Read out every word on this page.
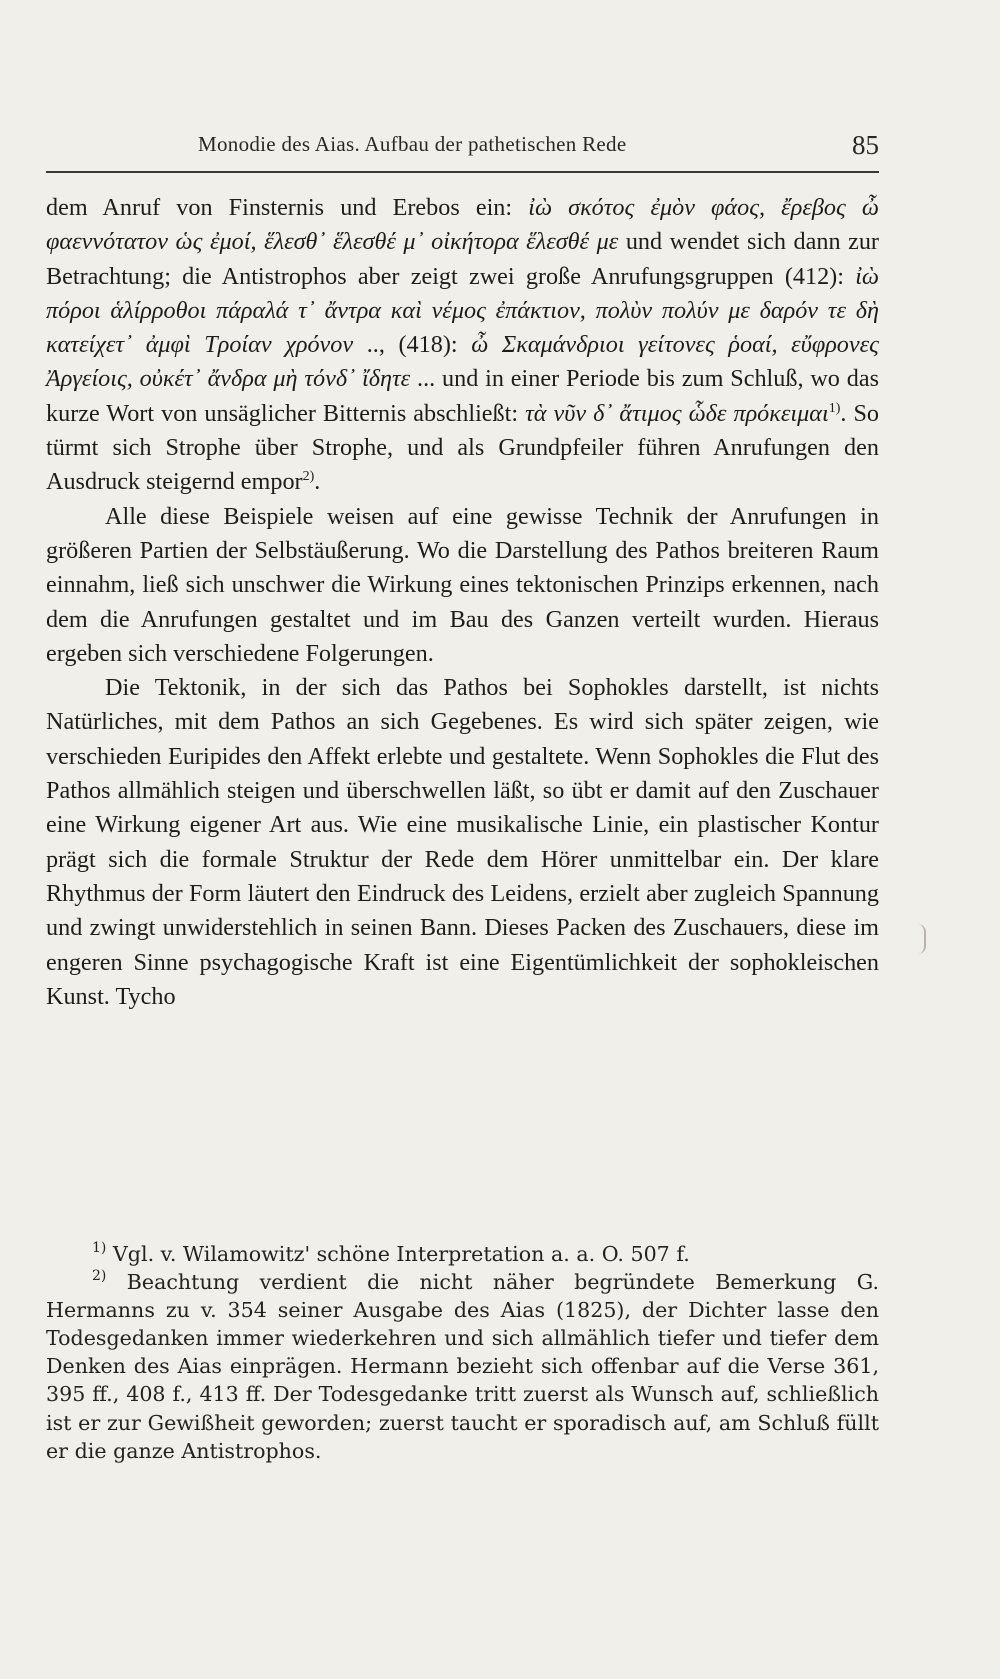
Monodie des Aias. Aufbau der pathetischen Rede	85

dem Anruf von Finsternis und Erebos ein: ἰὼ σκότος ἐμὸν φάος, ἔρεβος ὦ φαεννότατον ὡς ἐμοί, ἕλεσθ᾽ ἕλεσθέ μ᾽ οἰκήτορα ἕλεσθέ με und wendet sich dann zur Betrachtung; die Antistrophos aber zeigt zwei große Anrufungsgruppen (412): ἰὼ πόροι ἁλίρροθοι πάραλά τ᾽ ἄντρα καὶ νέμος ἐπάκτιον, πολὺν πολύν με δαρόν τε δὴ κατείχετ᾽ ἀμφὶ Τροίαν χρόνον .., (418): ὦ Σκαμάνδριοι γείτονες ῥοαί, εὔφρονες Ἀργείοις, οὐκέτ᾽ ἄνδρα μὴ τόνδ᾽ ἴδητε ... und in einer Periode bis zum Schluß, wo das kurze Wort von unsäglicher Bitternis abschließt: τὰ νῦν δ᾽ ἄτιμος ὧδε πρόκειμαι$^{1)}$. So türmt sich Strophe über Strophe, und als Grundpfeiler führen Anrufungen den Ausdruck steigernd empor$^{2)}$.

Alle diese Beispiele weisen auf eine gewisse Technik der Anrufungen in größeren Partien der Selbstäußerung. Wo die Darstellung des Pathos breiteren Raum einnahm, ließ sich unschwer die Wirkung eines tektonischen Prinzips erkennen, nach dem die Anrufungen gestaltet und im Bau des Ganzen verteilt wurden. Hieraus ergeben sich verschiedene Folgerungen.

Die Tektonik, in der sich das Pathos bei Sophokles darstellt, ist nichts Natürliches, mit dem Pathos an sich Gegebenes. Es wird sich später zeigen, wie verschieden Euripides den Affekt erlebte und gestaltete. Wenn Sophokles die Flut des Pathos allmählich steigen und überschwellen läßt, so übt er damit auf den Zuschauer eine Wirkung eigener Art aus. Wie eine musikalische Linie, ein plastischer Kontur prägt sich die formale Struktur der Rede dem Hörer unmittelbar ein. Der klare Rhythmus der Form läutert den Eindruck des Leidens, erzielt aber zugleich Spannung und zwingt unwiderstehlich in seinen Bann. Dieses Packen des Zuschauers, diese im engeren Sinne psychagogische Kraft ist eine Eigentümlichkeit der sophokleischen Kunst. Tycho

$^{1)}$ Vgl. v. Wilamowitz' schöne Interpretation a. a. O. 507 f.

$^{2)}$ Beachtung verdient die nicht näher begründete Bemerkung G. Hermanns zu v. 354 seiner Ausgabe des Aias (1825), der Dichter lasse den Todesgedanken immer wiederkehren und sich allmählich tiefer und tiefer dem Denken des Aias einprägen. Hermann bezieht sich offenbar auf die Verse 361, 395 ff., 408 f., 413 ff. Der Todesgedanke tritt zuerst als Wunsch auf, schließlich ist er zur Gewißheit geworden; zuerst taucht er sporadisch auf, am Schluß füllt er die ganze Antistrophos.
